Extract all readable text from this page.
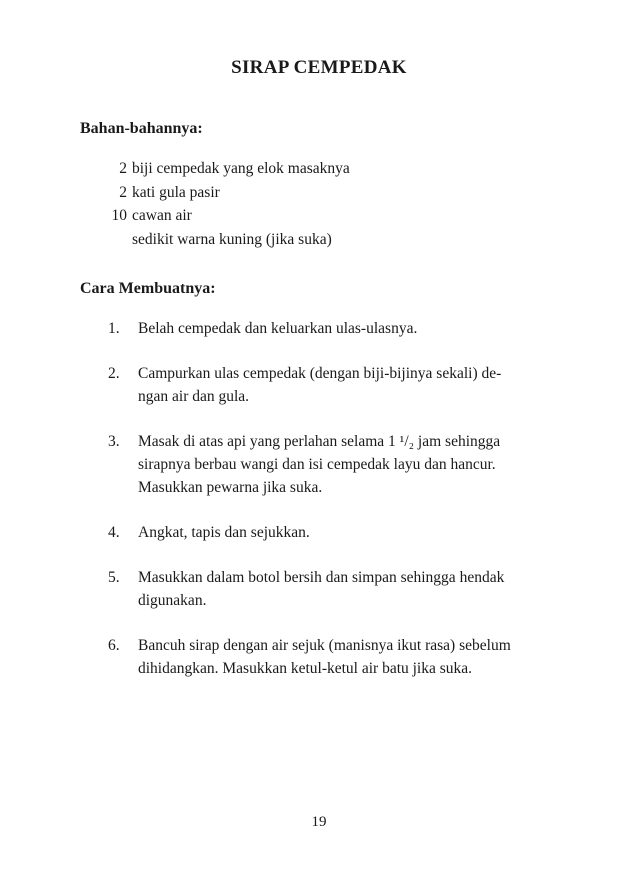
SIRAP CEMPEDAK
Bahan-bahannya:
2 biji cempedak yang elok masaknya
2 kati gula pasir
10 cawan air
sedikit warna kuning (jika suka)
Cara Membuatnya:
1.	Belah cempedak dan keluarkan ulas-ulasnya.
2.	Campurkan ulas cempedak (dengan biji-bijinya sekali) de-
ngan air dan gula.
3.	Masak di atas api yang perlahan selama 1 ¹/₂ jam sehingga
sirapnya berbau wangi dan isi cempedak layu dan hancur.
Masukkan pewarna jika suka.
4.	Angkat, tapis dan sejukkan.
5.	Masukkan dalam botol bersih dan simpan sehingga hendak
digunakan.
6.	Bancuh sirap dengan air sejuk (manisnya ikut rasa) sebelum
dihidangkan. Masukkan ketul-ketul air batu jika suka.
19
